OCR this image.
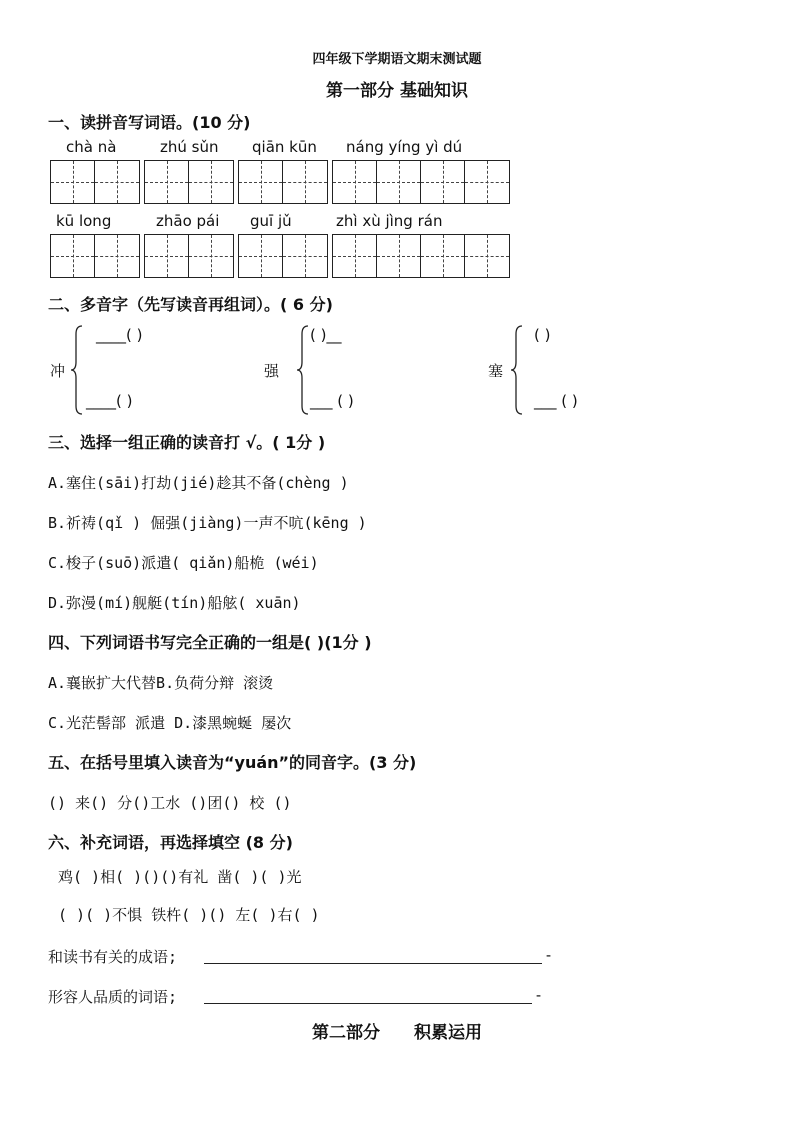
四年级下学期语文期末测试题
第一部分 基础知识
一、读拼音写词语。(10 分)
chà nà	zhú sǔn qiān kūn náng yíng yì dú
kū long	zhāo pái guī jǔ	zhì xù jìng rán
二、多音字（先写读音再组词）。( 6 分)
冲
____( )
____( )
强
( )__
___ ( )
塞
( )
___ ( )
三、选择一组正确的读音打 √。( 1分 )
A.塞住(sāi)打劫(jié)趁其不备(chèng )
B.祈祷(qǐ ) 倔强(jiàng)一声不吭(kēng )
C.梭子(suō)派遣( qiǎn)船桅 (wéi)
D.弥漫(mí)舰艇(tín)船舷( xuān)
四、下列词语书写完全正确的一组是( )(1分 )
A.襄嵌扩大代替B.负荷分辩 滚烫
C.光茫髻部 派遣 D.漆黑蜿蜒 屡次
五、在括号里填入读音为“yuán”的同音字。(3 分)
() 来() 分()工水 ()团() 校 ()
六、补充词语，再选择填空 (8 分)
鸡( )相( )()()有礼 凿( )( )光
( )( )不惧 铁杵( )() 左( )右( )
和读书有关的成语;	-
形容人品质的词语;	-
第二部分　　积累运用
